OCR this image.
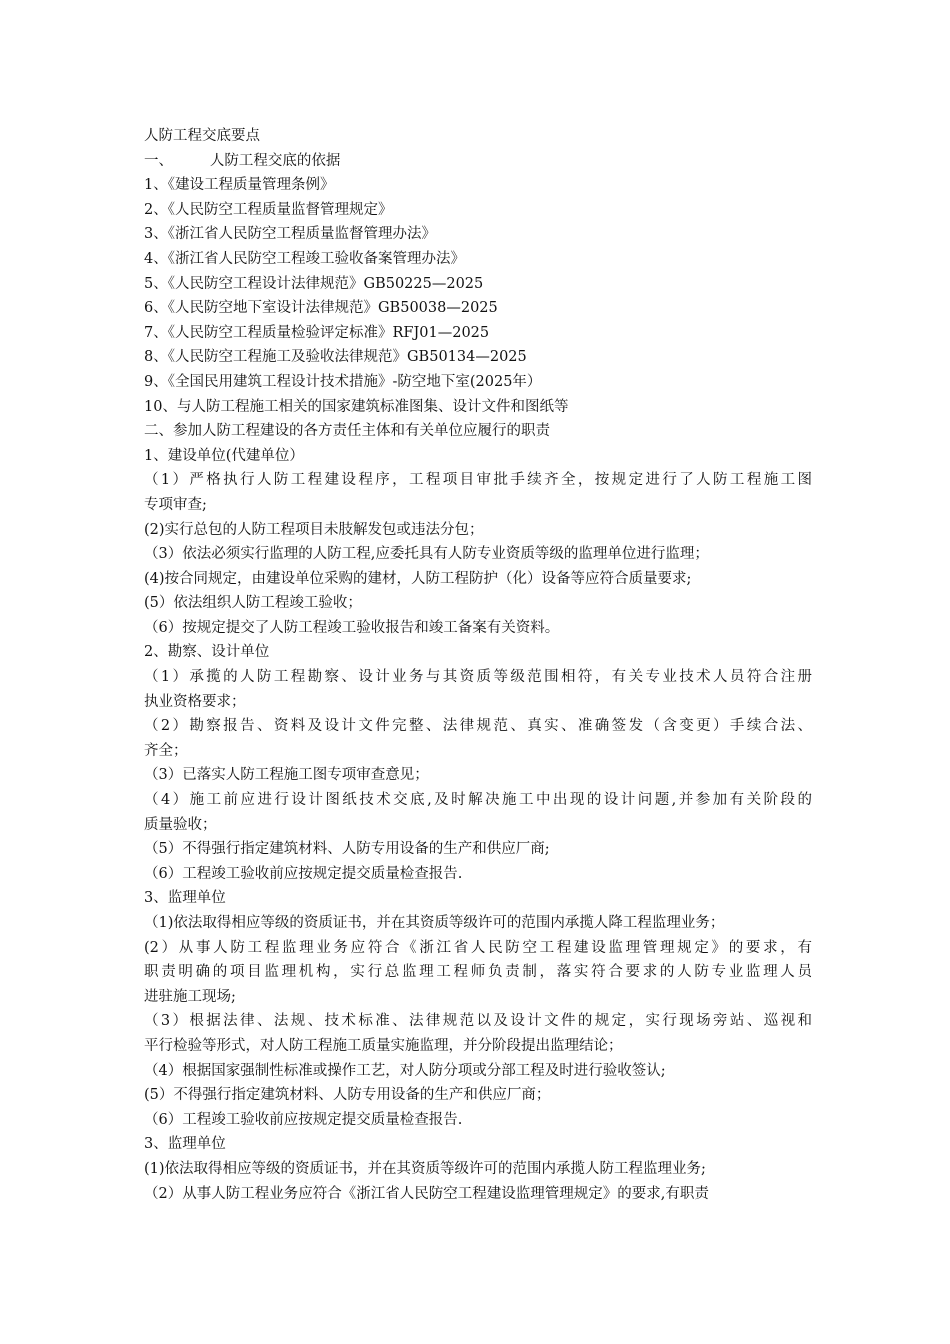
人防工程交底要点
一、        人防工程交底的依据
1、《建设工程质量管理条例》
2、《人民防空工程质量监督管理规定》
3、《浙江省人民防空工程质量监督管理办法》
4、《浙江省人民防空工程竣工验收备案管理办法》
5、《人民防空工程设计法律规范》GB50225—2025
6、《人民防空地下室设计法律规范》GB50038—2025
7、《人民防空工程质量检验评定标准》RFJ01—2025
8、《人民防空工程施工及验收法律规范》GB50134—2025
9、《全国民用建筑工程设计技术措施》-防空地下室(2025年）
10、与人防工程施工相关的国家建筑标准图集、设计文件和图纸等
二、参加人防工程建设的各方责任主体和有关单位应履行的职责
1、建设单位(代建单位）
（1）严格执行人防工程建设程序，工程项目审批手续齐全，按规定进行了人防工程施工图
专项审查;
(2)实行总包的人防工程项目未肢解发包或违法分包；
（3）依法必须实行监理的人防工程,应委托具有人防专业资质等级的监理单位进行监理；
(4)按合同规定，由建设单位采购的建材，人防工程防护（化）设备等应符合质量要求;
(5）依法组织人防工程竣工验收；
（6）按规定提交了人防工程竣工验收报告和竣工备案有关资料。
2、勘察、设计单位
（1）承揽的人防工程勘察、设计业务与其资质等级范围相符，有关专业技术人员符合注册
执业资格要求；
（2）勘察报告、资料及设计文件完整、法律规范、真实、准确签发（含变更）手续合法、
齐全；
（3）已落实人防工程施工图专项审查意见；
（4）施工前应进行设计图纸技术交底,及时解决施工中出现的设计问题,并参加有关阶段的
质量验收；
（5）不得强行指定建筑材料、人防专用设备的生产和供应厂商;
（6）工程竣工验收前应按规定提交质量检查报告.
3、监理单位
（1)依法取得相应等级的资质证书，并在其资质等级许可的范围内承揽人降工程监理业务；
(2）从事人防工程监理业务应符合《浙江省人民防空工程建设监理管理规定》的要求，有
职责明确的项目监理机构，实行总监理工程师负责制，落实符合要求的人防专业监理人员
进驻施工现场;
（3）根据法律、法规、技术标准、法律规范以及设计文件的规定，实行现场旁站、巡视和
平行检验等形式，对人防工程施工质量实施监理，并分阶段提出监理结论；
（4）根据国家强制性标准或操作工艺，对人防分项或分部工程及时进行验收签认;
(5）不得强行指定建筑材料、人防专用设备的生产和供应厂商；
（6）工程竣工验收前应按规定提交质量检查报告.
3、监理单位
(1)依法取得相应等级的资质证书，并在其资质等级许可的范围内承揽人防工程监理业务;
（2）从事人防工程业务应符合《浙江省人民防空工程建设监理管理规定》的要求,有职责
